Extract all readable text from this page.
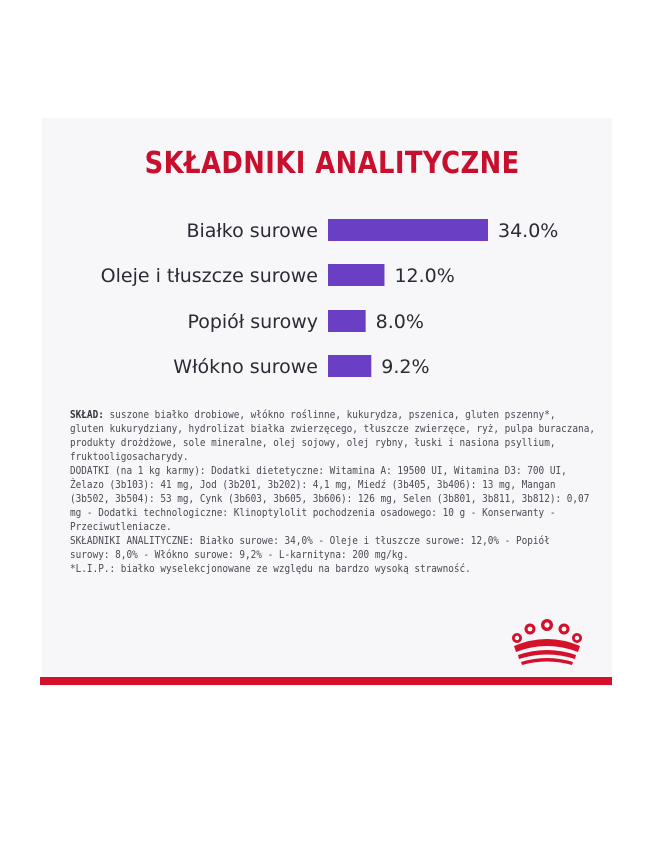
SKŁADNIKI ANALITYCZNE
Białko surowe	34.0%
Oleje i tłuszcze surowe	12.0%
Popiół surowy	8.0%
Włókno surowe	9.2%

SKŁAD: suszone białko drobiowe, włókno roślinne, kukurydza, pszenica, gluten pszenny*,

gluten kukurydziany, hydrolizat białka zwierzęcego, tłuszcze zwierzęce, ryż, pulpa buraczana,

produkty drożdżowe, sole mineralne, olej sojowy, olej rybny, łuski i nasiona psyllium,

fruktooligosacharydy.

DODATKI (na 1 kg karmy): Dodatki dietetyczne: Witamina A: 19500 UI, Witamina D3: 700 UI,

Żelazo (3b103): 41 mg, Jod (3b201, 3b202): 4,1 mg, Miedź (3b405, 3b406): 13 mg, Mangan

(3b502, 3b504): 53 mg, Cynk (3b603, 3b605, 3b606): 126 mg, Selen (3b801, 3b811, 3b812): 0,07

mg - Dodatki technologiczne: Klinoptylolit pochodzenia osadowego: 10 g - Konserwanty -

Przeciwutleniacze.

SKŁADNIKI ANALITYCZNE: Białko surowe: 34,0% - Oleje i tłuszcze surowe: 12,0% - Popiół

surowy: 8,0% - Włókno surowe: 9,2% - L-karnityna: 200 mg/kg.

*L.I.P.: białko wyselekcjonowane ze względu na bardzo wysoką strawność.
